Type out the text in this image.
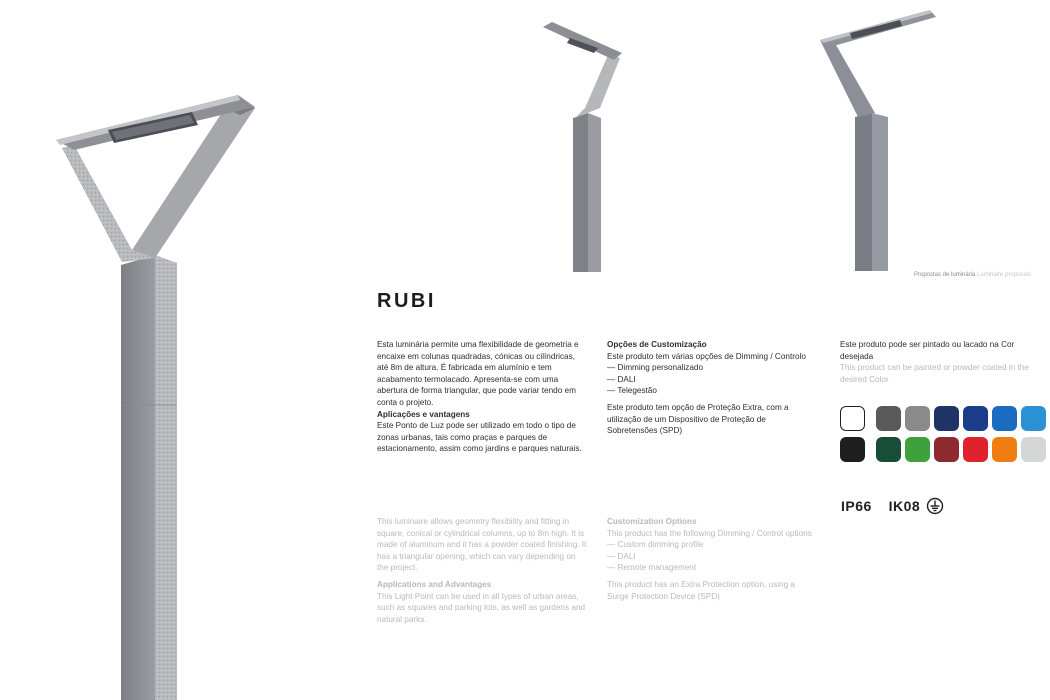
Propostas de luminária Luminaire proposals
RUBI

Esta luminária permite uma flexibilidade de geometria e encaixe em colunas quadradas, cónicas ou cilíndricas, até 8m de altura. É fabricada em alumínio e tem acabamento termolacado. Apresenta-se com uma abertura de forma triangular, que pode variar tendo em conta o projeto.

Aplicações e vantagens

Este Ponto de Luz pode ser utilizado em todo o tipo de zonas urbanas, tais como praças e parques de estacionamento, assim como jardins e parques naturais.

This luminaire allows geometry flexibility and fitting in square, conical or cylindrical columns, up to 8m high. It is made of aluminum and it has a powder coated finishing. It has a triangular opening, which can vary depending on the project.

Applications and Advantages

This Light Point can be used in all types of urban areas, such as squares and parking lots, as well as gardens and natural parks.

Opções de Customização

Este produto tem várias opções de Dimming / Controlo

— Dimming personalizado

— DALI

— Telegestão

Este produto tem opção de Proteção Extra, com a utilização de um Dispositivo de Proteção de Sobretensões (SPD)

Customization Options

This product has the following Dimming / Control options

— Custom dimming profile

— DALI

— Remote management

This product has an Extra Protection option, using a Surge Protection Device (SPD)

Este produto pode ser pintado ou lacado na Cor desejada

This product can be painted or powder coated in the desired Color

IP66 IK08
